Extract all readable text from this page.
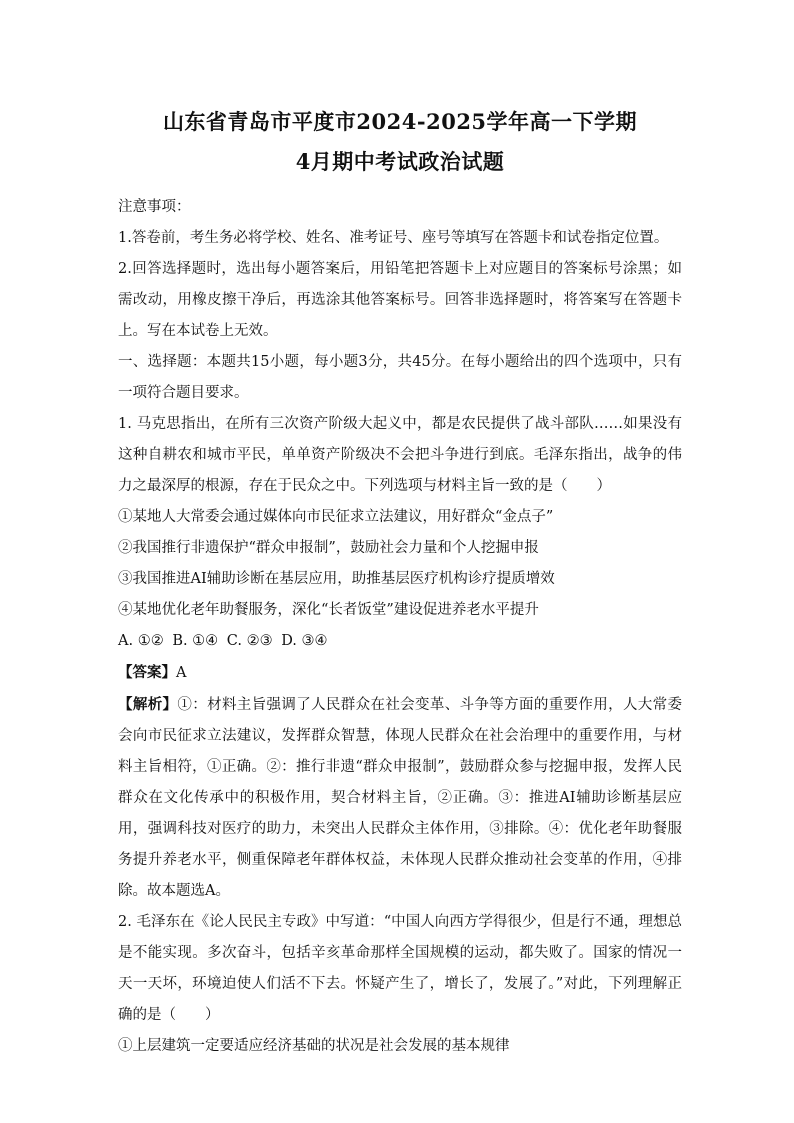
山东省青岛市平度市2024-2025学年高一下学期
4月期中考试政治试题

注意事项：

1.答卷前，考生务必将学校、姓名、准考证号、座号等填写在答题卡和试卷指定位置。

2.回答选择题时，选出每小题答案后，用铅笔把答题卡上对应题目的答案标号涂黑；如需改动，用橡皮擦干净后，再选涂其他答案标号。回答非选择题时，将答案写在答题卡上。写在本试卷上无效。

一、选择题：本题共15小题，每小题3分，共45分。在每小题给出的四个选项中，只有一项符合题目要求。

1. 马克思指出，在所有三次资产阶级大起义中，都是农民提供了战斗部队……如果没有这种自耕农和城市平民，单单资产阶级决不会把斗争进行到底。毛泽东指出，战争的伟力之最深厚的根源，存在于民众之中。下列选项与材料主旨一致的是（　　）

①某地人大常委会通过媒体向市民征求立法建议，用好群众“金点子”

②我国推行非遗保护“群众申报制”，鼓励社会力量和个人挖掘申报

③我国推进AI辅助诊断在基层应用，助推基层医疗机构诊疗提质增效

④某地优化老年助餐服务，深化“长者饭堂”建设促进养老水平提升

A. ①② B. ①④ C. ②③ D. ③④

【答案】A

【解析】①：材料主旨强调了人民群众在社会变革、斗争等方面的重要作用，人大常委会向市民征求立法建议，发挥群众智慧，体现人民群众在社会治理中的重要作用，与材料主旨相符，①正确。②：推行非遗“群众申报制”，鼓励群众参与挖掘申报，发挥人民群众在文化传承中的积极作用，契合材料主旨，②正确。③：推进AI辅助诊断基层应用，强调科技对医疗的助力，未突出人民群众主体作用，③排除。④：优化老年助餐服务提升养老水平，侧重保障老年群体权益，未体现人民群众推动社会变革的作用，④排除。故本题选A。

2. 毛泽东在《论人民民主专政》中写道：“中国人向西方学得很少，但是行不通，理想总是不能实现。多次奋斗，包括辛亥革命那样全国规模的运动，都失败了。国家的情况一天一天坏，环境迫使人们活不下去。怀疑产生了，增长了，发展了。”对此，下列理解正确的是（　　）

①上层建筑一定要适应经济基础的状况是社会发展的基本规律
